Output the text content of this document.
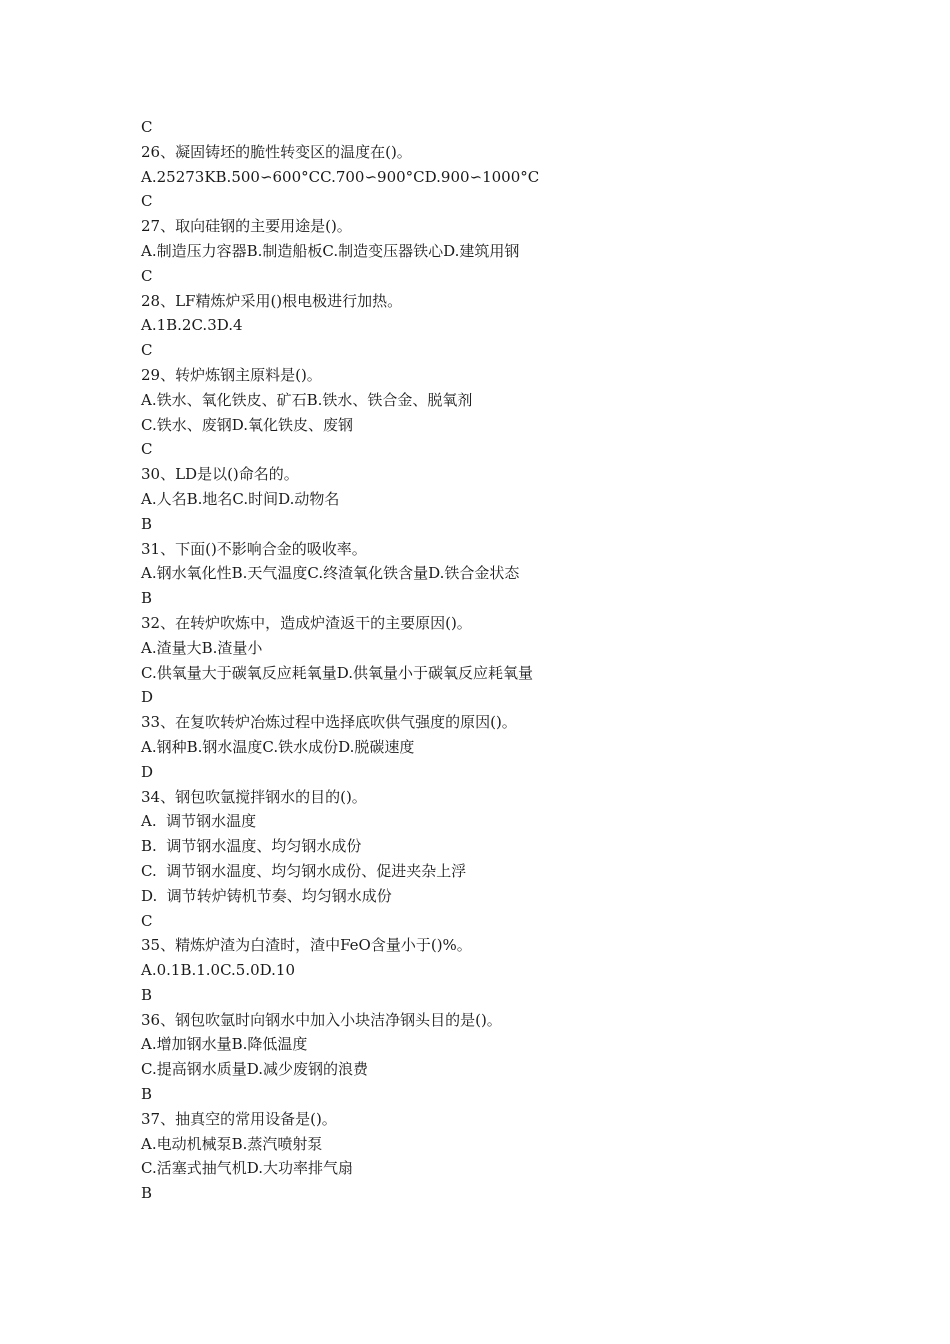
C
26、凝固铸坯的脆性转变区的温度在()。
A.25273KB.500∽600°CC.700∽900°CD.900∽1000°C
C
27、取向硅钢的主要用途是()。
A.制造压力容器B.制造船板C.制造变压器铁心D.建筑用钢
C
28、LF精炼炉采用()根电极进行加热。
A.1B.2C.3D.4
C
29、转炉炼钢主原料是()。
A.铁水、氧化铁皮、矿石B.铁水、铁合金、脱氧剂
C.铁水、废钢D.氧化铁皮、废钢
C
30、LD是以()命名的。
A.人名B.地名C.时间D.动物名
B
31、下面()不影响合金的吸收率。
A.钢水氧化性B.天气温度C.终渣氧化铁含量D.铁合金状态
B
32、在转炉吹炼中，造成炉渣返干的主要原因()。
A.渣量大B.渣量小
C.供氧量大于碳氧反应耗氧量D.供氧量小于碳氧反应耗氧量
D
33、在复吹转炉冶炼过程中选择底吹供气强度的原因()。
A.钢种B.钢水温度C.铁水成份D.脱碳速度
D
34、钢包吹氩搅拌钢水的目的()。
A.  调节钢水温度
B.  调节钢水温度、均匀钢水成份
C.  调节钢水温度、均匀钢水成份、促进夹杂上浮
D.  调节转炉铸机节奏、均匀钢水成份
C
35、精炼炉渣为白渣时，渣中FeO含量小于()%。
A.0.1B.1.0C.5.0D.10
B
36、钢包吹氩时向钢水中加入小块洁净钢头目的是()。
A.增加钢水量B.降低温度
C.提高钢水质量D.减少废钢的浪费
B
37、抽真空的常用设备是()。
A.电动机械泵B.蒸汽喷射泵
C.活塞式抽气机D.大功率排气扇
B
